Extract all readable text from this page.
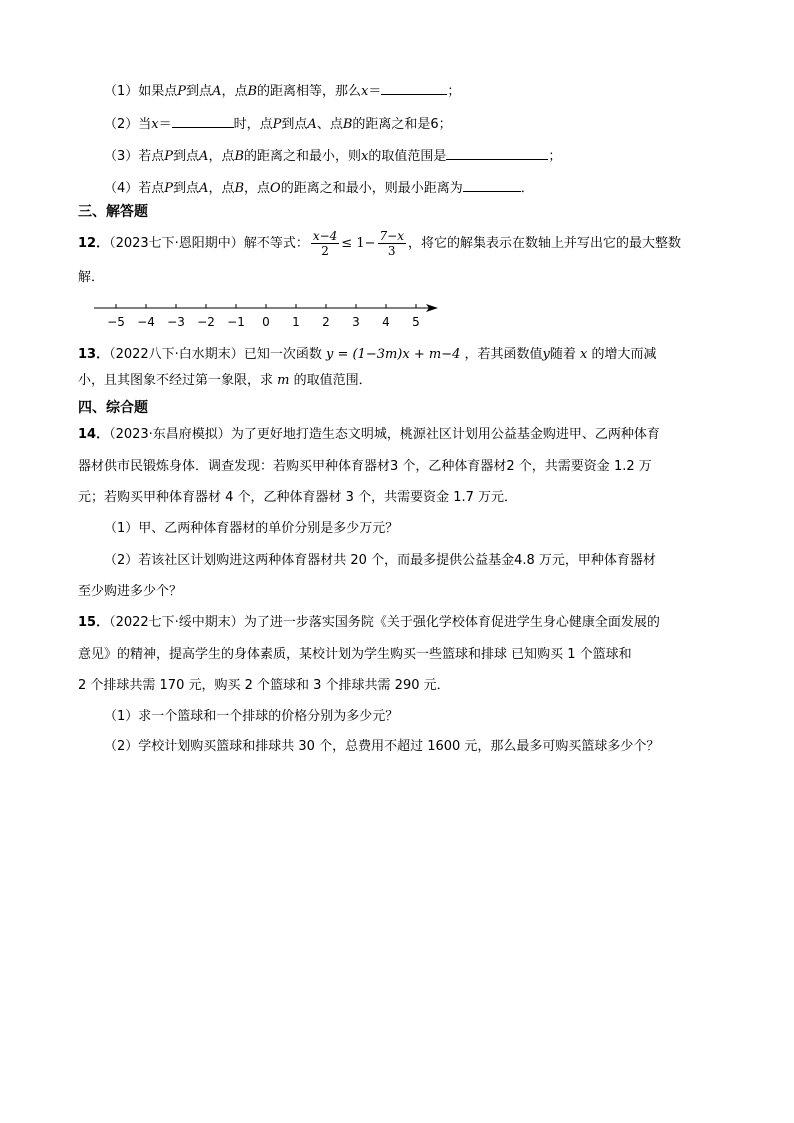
（1）如果点P到点A，点B的距离相等，那么x＝	；
（2）当x＝	时，点P到点A、点B的距离之和是6；
（3）若点P到点A，点B的距离之和最小，则x的取值范围是	；
（4）若点P到点A，点B，点O的距离之和最小，则最小距离为	．
三、解答题
12．（2023七下·恩阳期中）解不等式： $\frac{x-4}{2} \le 1- \frac{7-x}{3}$ ，将它的解集表示在数轴上并写出它的最大整数
解．
−5 −4 −3 −2 −1 0 1 2 3 4 5
13．（2022八下·白水期末）已知一次函数 y = (1−3m)x + m−4 ，若其函数值y随着 x 的增大而减
小，且其图象不经过第一象限，求 m 的取值范围．
四、综合题
14．（2023·东昌府模拟）为了更好地打造生态文明城，桃源社区计划用公益基金购进甲、乙两种体育
器材供市民锻炼身体．调查发现：若购买甲种体育器材3 个，乙种体育器材2 个，共需要资金 1.2 万
元；若购买甲种体育器材 4 个，乙种体育器材 3 个，共需要资金 1.7 万元．
（1）甲、乙两种体育器材的单价分别是多少万元？
（2）若该社区计划购进这两种体育器材共 20 个，而最多提供公益基金4.8 万元，甲种体育器材
至少购进多少个？
15．（2022七下·绥中期末）为了进一步落实国务院《关于强化学校体育促进学生身心健康全面发展的
意见》的精神，提高学生的身体素质，某校计划为学生购买一些篮球和排球 已知购买 1 个篮球和
2 个排球共需 170 元，购买 2 个篮球和 3 个排球共需 290 元．
（1）求一个篮球和一个排球的价格分别为多少元？
（2）学校计划购买篮球和排球共 30 个，总费用不超过 1600 元，那么最多可购买篮球多少个？
